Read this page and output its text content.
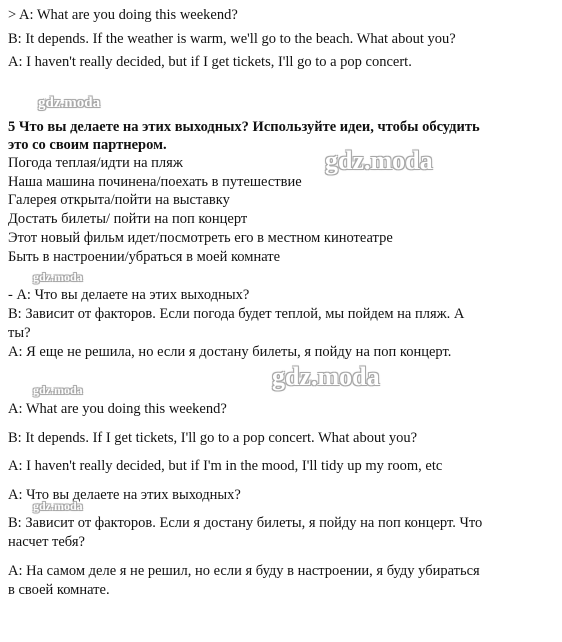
> A: What are you doing this weekend?
B: It depends. If the weather is warm, we'll go to the beach. What about you?
A: I haven't really decided, but if I get tickets, I'll go to a pop concert.
gdz.moda
5 Что вы делаете на этих выходных? Используйте идеи, чтобы обсудить
это со своим партнером.
Погода теплая/идти на пляж
Наша машина починена/поехать в путешествие
Галерея открыта/пойти на выставку
Достать билеты/ пойти на поп концерт
Этот новый фильм идет/посмотреть его в местном кинотеатре
Быть в настроении/убраться в моей комнате
gdz.moda
gdz.moda
- А: Что вы делаете на этих выходных?
B: Зависит от факторов. Если погода будет теплой, мы пойдем на пляж. А
ты?
А: Я еще не решила, но если я достану билеты, я пойду на поп концерт.
gdz.moda	gdz.moda
A: What are you doing this weekend?
B: It depends. If I get tickets, I'll go to a pop concert. What about you?
A: I haven't really decided, but if I'm in the mood, I'll tidy up my room, etc
А: Что вы делаете на этих выходных?
gdz.moda
B: Зависит от факторов. Если я достану билеты, я пойду на поп концерт. Что
насчет тебя?
А: На самом деле я не решил, но если я буду в настроении, я буду убираться
в своей комнате.
